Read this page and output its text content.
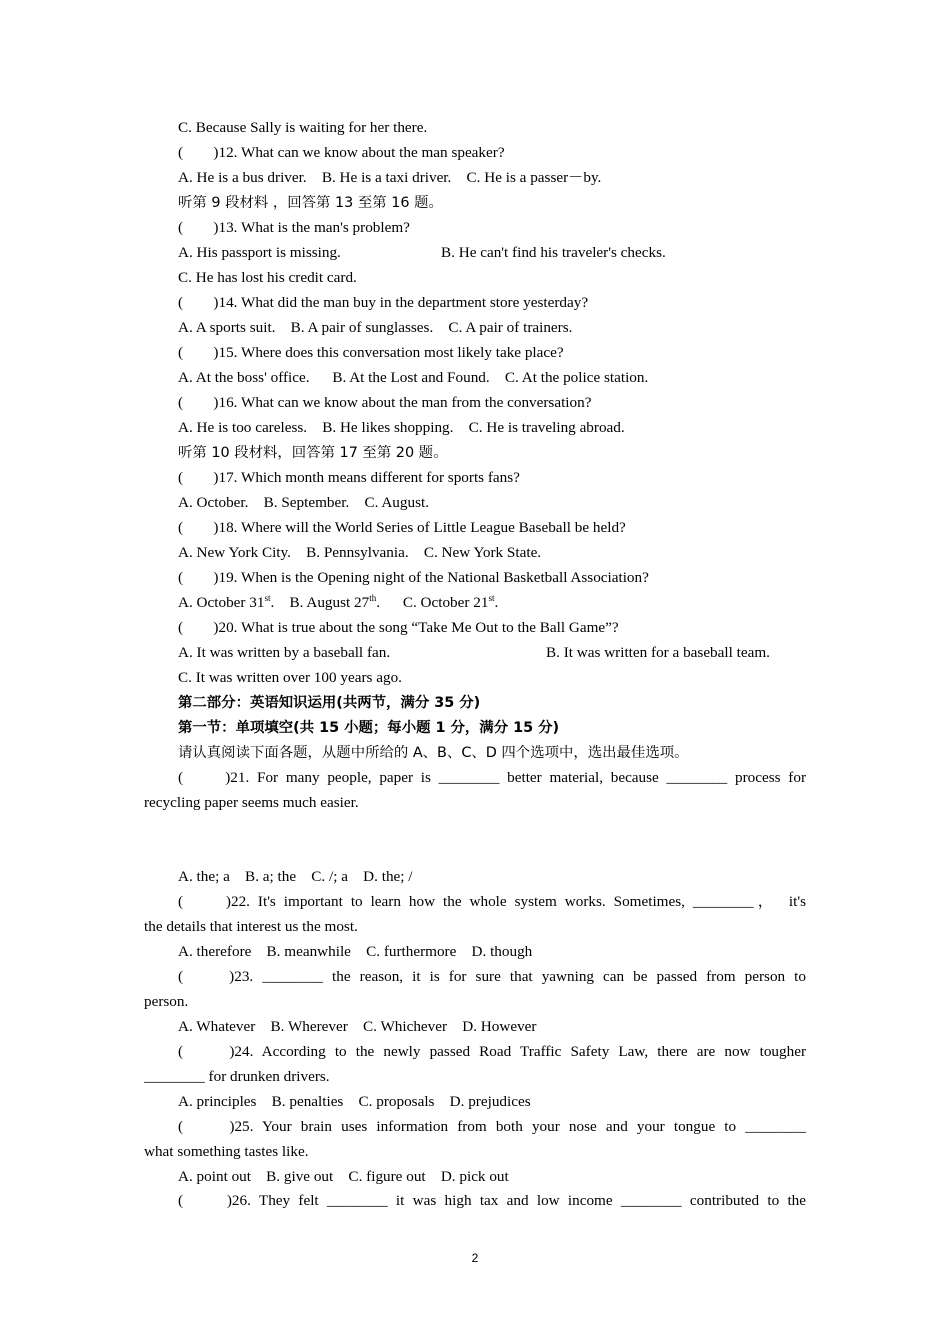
C. Because Sally is waiting for her there.
(　　)12. What can we know about the man speaker?
A. He is a bus driver.    B. He is a taxi driver.    C. He is a passer－by.
听第 9 段材料 ，回答第 13 至第 16 题。
(　　)13. What is the man's problem?
A. His passport is missing.	B. He can't find his traveler's checks.
C. He has lost his credit card.
(　　)14. What did the man buy in the department store yesterday?
A. A sports suit.    B. A pair of sunglasses.    C. A pair of trainers.
(　　)15. Where does this conversation most likely take place?
A. At the boss' office.      B. At the Lost and Found.    C. At the police station.
(　　)16. What can we know about the man from the conversation?
A. He is too careless.    B. He likes shopping.    C. He is traveling abroad.
听第 10 段材料，回答第 17 至第 20 题。
(　　)17. Which month means different for sports fans?
A. October.    B. September.    C. August.
(　　)18. Where will the World Series of Little League Baseball be held?
A. New York City.    B. Pennsylvania.    C. New York State.
(　　)19. When is the Opening night of the National Basketball Association?
A. October 31st.    B. August 27th.      C. October 21st.
(　　)20. What is true about the song “Take Me Out to the Ball Game”?
A. It was written by a baseball fan.	B. It was written for a baseball team.
C. It was written over 100 years ago.
第二部分：英语知识运用(共两节，满分 35 分)
第一节：单项填空(共 15 小题；每小题 1 分，满分 15 分)
请认真阅读下面各题，从题中所给的 A、B、C、D 四个选项中，选出最佳选项。
(　　)21. For many people, paper is ________ better material, because ________ process for
recycling paper seems much easier.
A. the; a    B. a; the    C. /; a    D. the; /
(　　)22. It's important to learn how the whole system works. Sometimes, ________，　it's
the details that interest us the most.
A. therefore    B. meanwhile    C. furthermore    D. though
(　　)23. ________ the reason, it is for sure that yawning can be passed from person to
person.
A. Whatever    B. Wherever    C. Whichever    D. However
(　　)24. According to the newly passed Road Traffic Safety Law, there are now tougher
________ for drunken drivers.
A. principles    B. penalties    C. proposals    D. prejudices
(　　)25. Your brain uses information from both your nose and your tongue to ________
what something tastes like.
A. point out    B. give out    C. figure out    D. pick out
(　　)26. They felt ________ it was high tax and low income ________ contributed to the
2
